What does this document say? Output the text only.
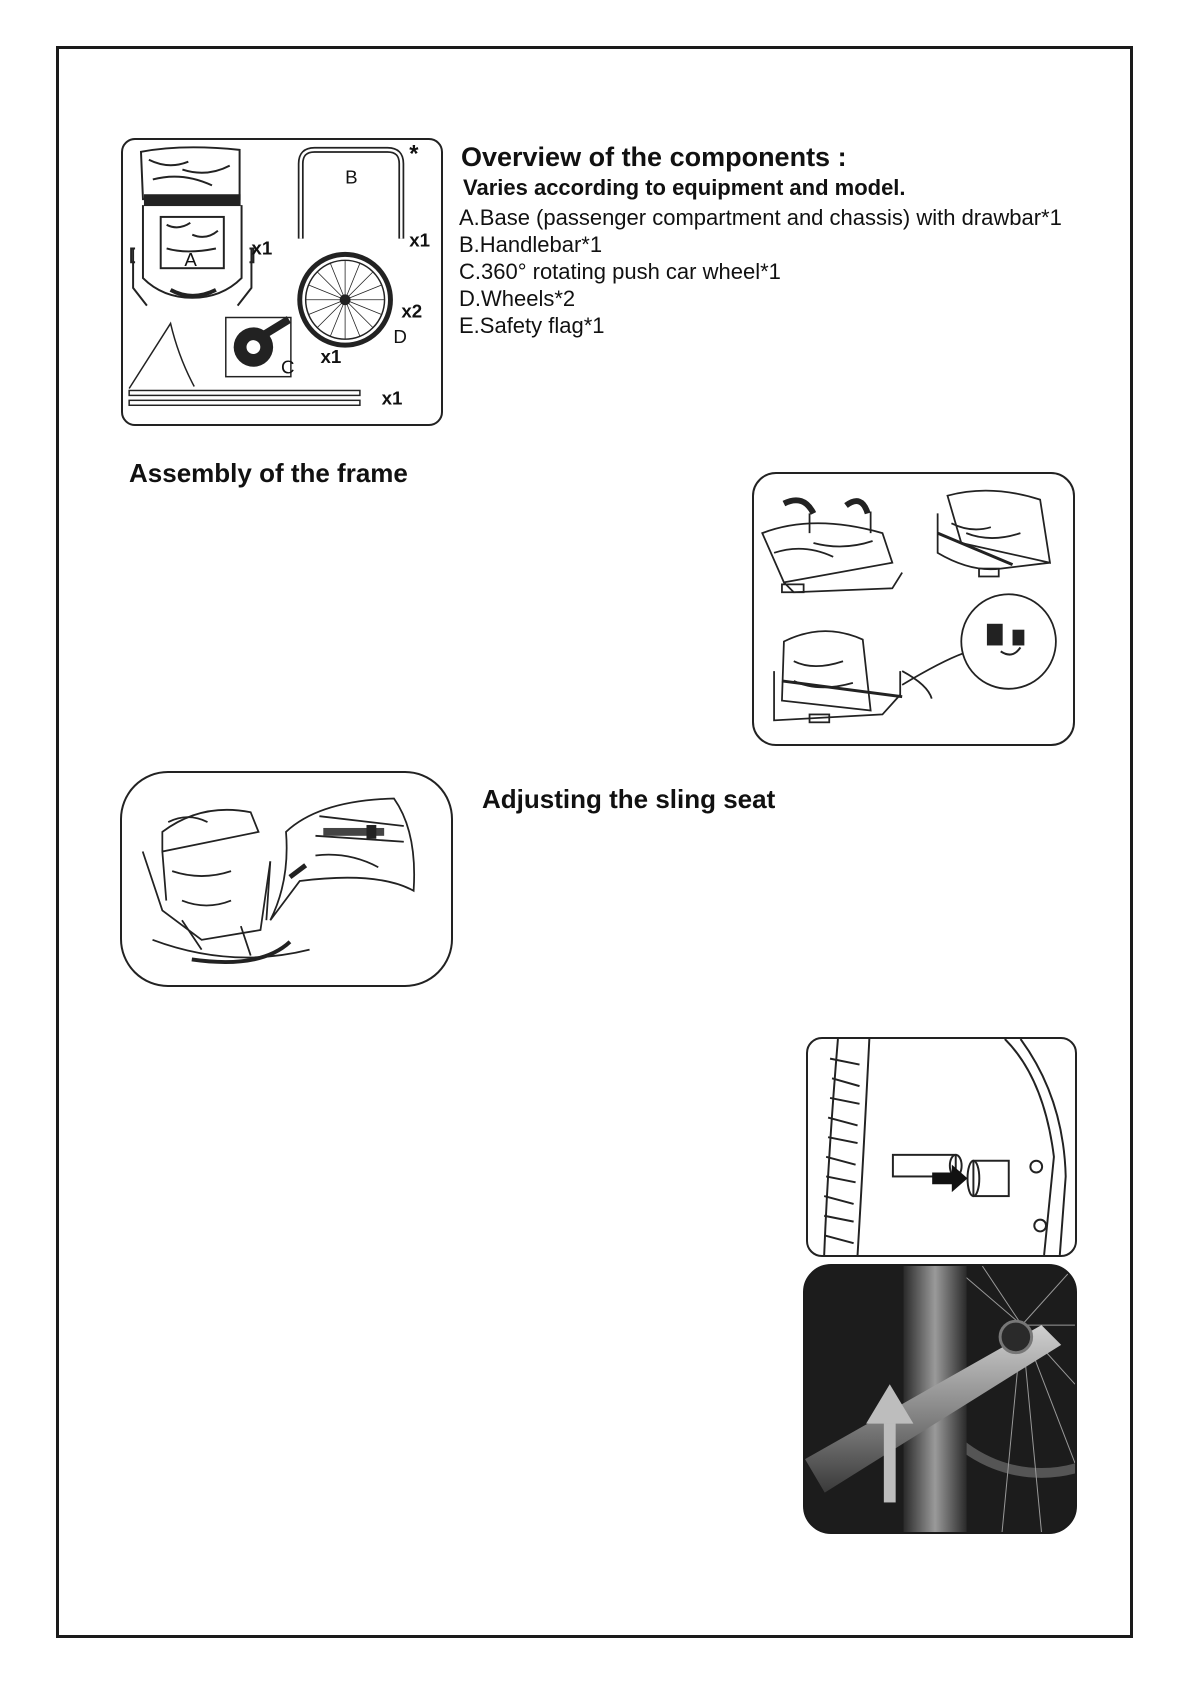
A
x1
B
x1
*
x2
D
C
x1
x1
Overview of the components :
Varies according to equipment and model.
A.Base (passenger compartment and chassis) with drawbar*1
B.Handlebar*1
C.360° rotating push car wheel*1
D.Wheels*2
E.Safety flag*1
Assembly of the frame
Adjusting the sling seat
